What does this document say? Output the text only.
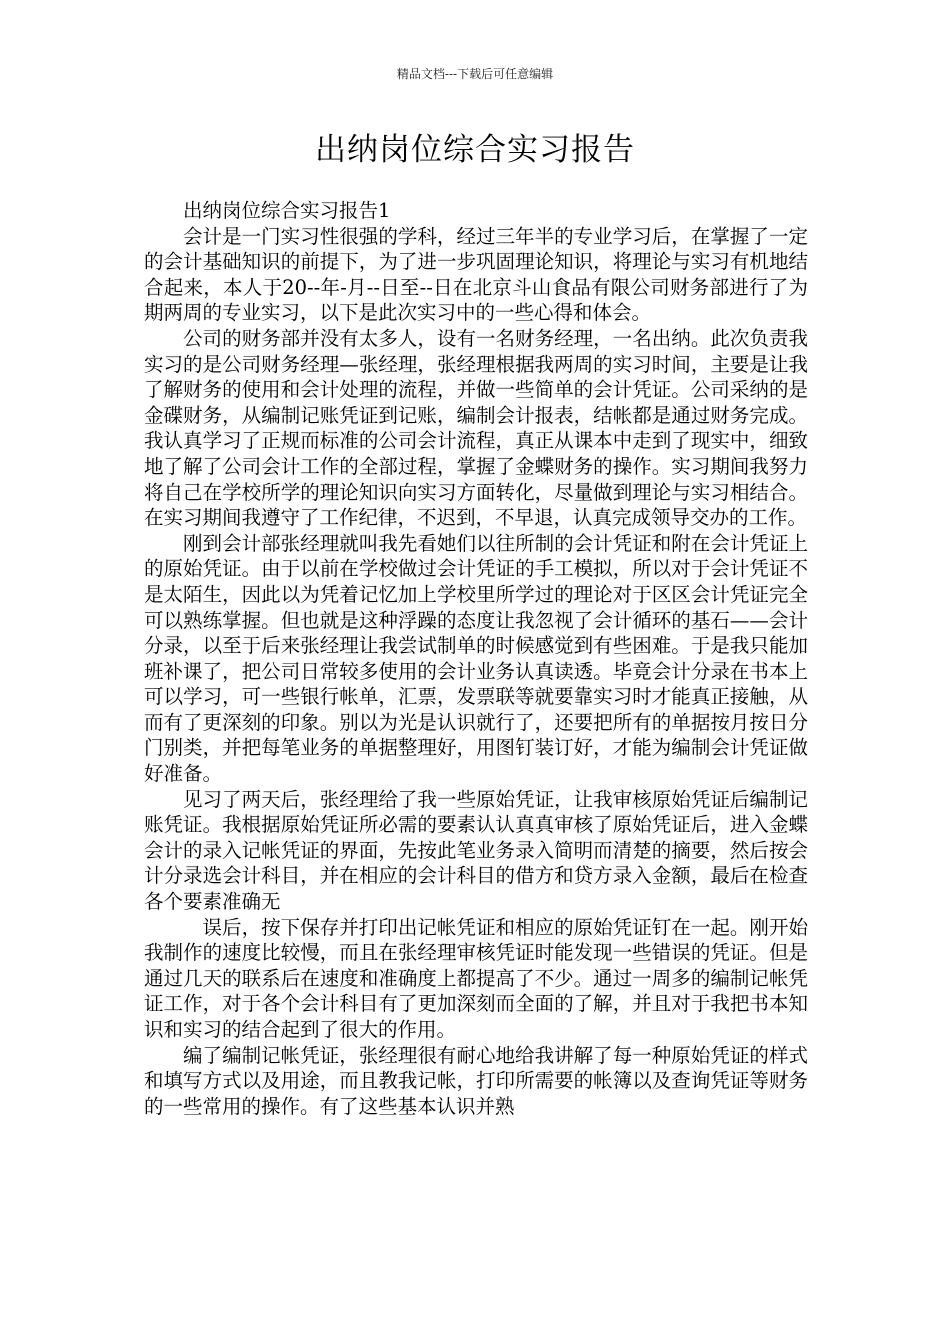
精品文档---下载后可任意编辑
出纳岗位综合实习报告

出纳岗位综合实习报告1

会计是一门实习性很强的学科，经过三年半的专业学习后，在掌握了一定的会计基础知识的前提下，为了进一步巩固理论知识，将理论与实习有机地结合起来，本人于20--年-月--日至--日在北京斗山食品有限公司财务部进行了为期两周的专业实习，以下是此次实习中的一些心得和体会。

公司的财务部并没有太多人，设有一名财务经理，一名出纳。此次负责我实习的是公司财务经理—张经理，张经理根据我两周的实习时间，主要是让我了解财务的使用和会计处理的流程，并做一些简单的会计凭证。公司采纳的是金碟财务，从编制记账凭证到记账，编制会计报表，结帐都是通过财务完成。我认真学习了正规而标准的公司会计流程，真正从课本中走到了现实中，细致地了解了公司会计工作的全部过程，掌握了金蝶财务的操作。实习期间我努力将自己在学校所学的理论知识向实习方面转化，尽量做到理论与实习相结合。在实习期间我遵守了工作纪律，不迟到，不早退，认真完成领导交办的工作。

刚到会计部张经理就叫我先看她们以往所制的会计凭证和附在会计凭证上的原始凭证。由于以前在学校做过会计凭证的手工模拟，所以对于会计凭证不是太陌生，因此以为凭着记忆加上学校里所学过的理论对于区区会计凭证完全可以熟练掌握。但也就是这种浮躁的态度让我忽视了会计循环的基石——会计分录，以至于后来张经理让我尝试制单的时候感觉到有些困难。于是我只能加班补课了，把公司日常较多使用的会计业务认真读透。毕竟会计分录在书本上可以学习，可一些银行帐单，汇票，发票联等就要靠实习时才能真正接触，从而有了更深刻的印象。别以为光是认识就行了，还要把所有的单据按月按日分门别类，并把每笔业务的单据整理好，用图钉装订好，才能为编制会计凭证做好准备。

见习了两天后，张经理给了我一些原始凭证，让我审核原始凭证后编制记账凭证。我根据原始凭证所必需的要素认认真真审核了原始凭证后，进入金蝶会计的录入记帐凭证的界面，先按此笔业务录入简明而清楚的摘要，然后按会计分录选会计科目，并在相应的会计科目的借方和贷方录入金额，最后在检查各个要素准确无

误后，按下保存并打印出记帐凭证和相应的原始凭证钉在一起。刚开始我制作的速度比较慢，而且在张经理审核凭证时能发现一些错误的凭证。但是通过几天的联系后在速度和准确度上都提高了不少。通过一周多的编制记帐凭证工作，对于各个会计科目有了更加深刻而全面的了解，并且对于我把书本知识和实习的结合起到了很大的作用。

编了编制记帐凭证，张经理很有耐心地给我讲解了每一种原始凭证的样式和填写方式以及用途，而且教我记帐，打印所需要的帐簿以及查询凭证等财务的一些常用的操作。有了这些基本认识并熟
